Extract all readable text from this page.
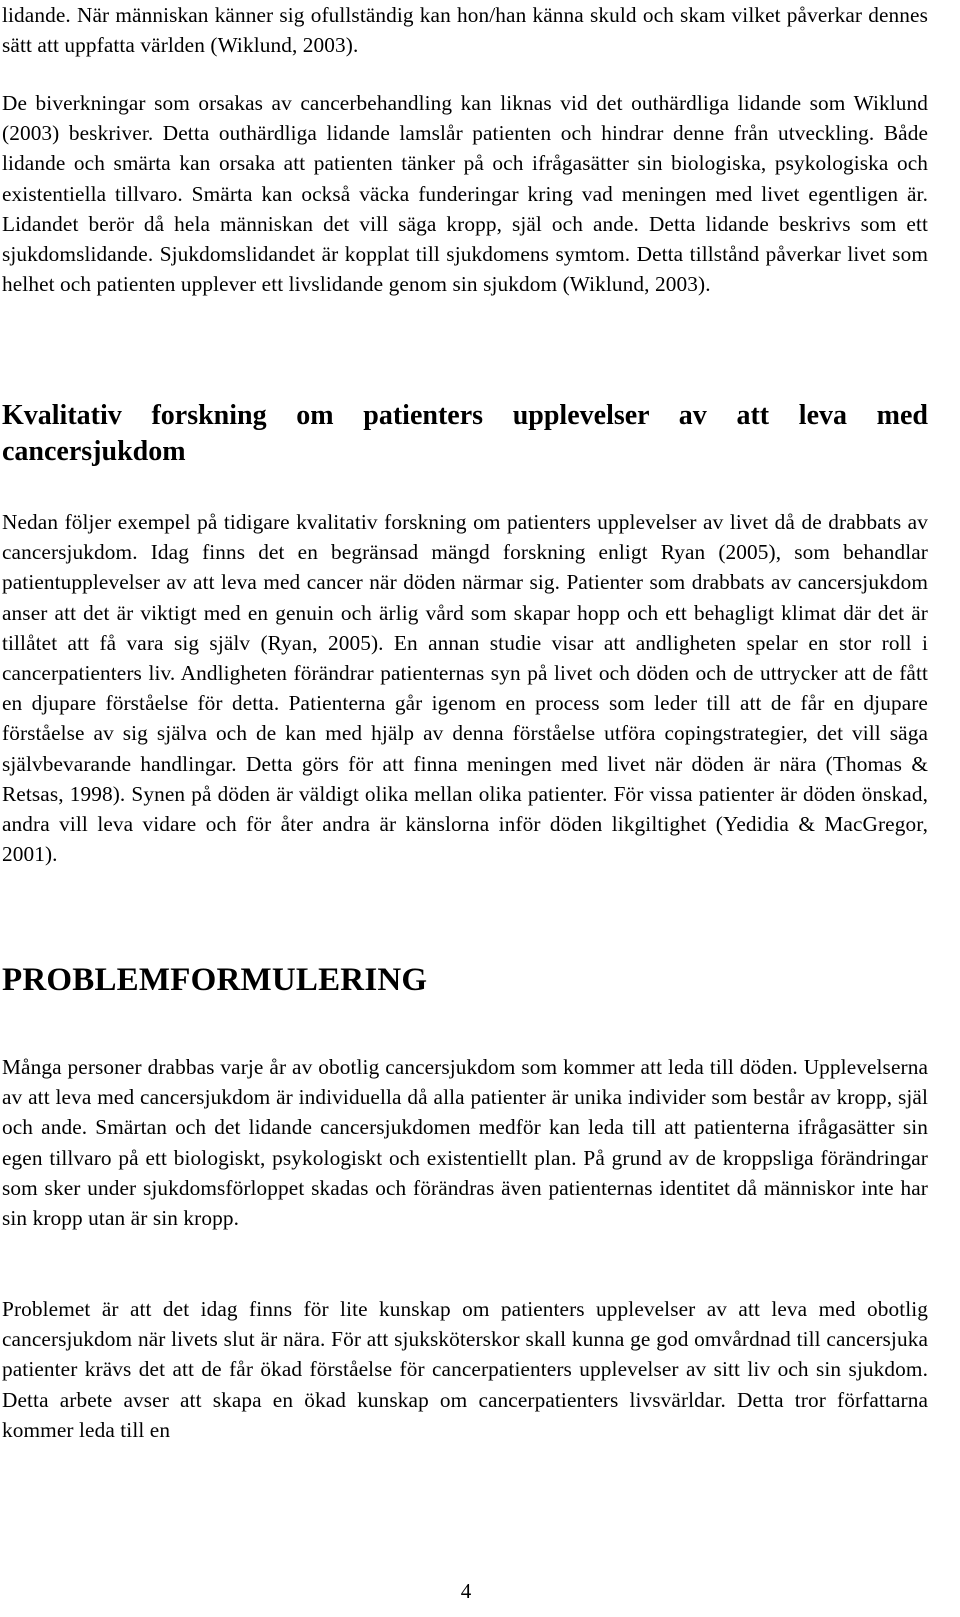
lidande. När människan känner sig ofullständig kan hon/han känna skuld och skam vilket påverkar dennes sätt att uppfatta världen (Wiklund, 2003).

De biverkningar som orsakas av cancerbehandling kan liknas vid det outhärdliga lidande som Wiklund (2003) beskriver. Detta outhärdliga lidande lamslår patienten och hindrar denne från utveckling. Både lidande och smärta kan orsaka att patienten tänker på och ifrågasätter sin biologiska, psykologiska och existentiella tillvaro. Smärta kan också väcka funderingar kring vad meningen med livet egentligen är. Lidandet berör då hela människan det vill säga kropp, själ och ande. Detta lidande beskrivs som ett sjukdomslidande. Sjukdomslidandet är kopplat till sjukdomens symtom. Detta tillstånd påverkar livet som helhet och patienten upplever ett livslidande genom sin sjukdom (Wiklund, 2003).

Kvalitativ forskning om patienters upplevelser av att leva med cancersjukdom

Nedan följer exempel på tidigare kvalitativ forskning om patienters upplevelser av livet då de drabbats av cancersjukdom. Idag finns det en begränsad mängd forskning enligt Ryan (2005), som behandlar patientupplevelser av att leva med cancer när döden närmar sig. Patienter som drabbats av cancersjukdom anser att det är viktigt med en genuin och ärlig vård som skapar hopp och ett behagligt klimat där det är tillåtet att få vara sig själv (Ryan, 2005). En annan studie visar att andligheten spelar en stor roll i cancerpatienters liv. Andligheten förändrar patienternas syn på livet och döden och de uttrycker att de fått en djupare förståelse för detta. Patienterna går igenom en process som leder till att de får en djupare förståelse av sig själva och de kan med hjälp av denna förståelse utföra copingstrategier, det vill säga självbevarande handlingar. Detta görs för att finna meningen med livet när döden är nära (Thomas & Retsas, 1998). Synen på döden är väldigt olika mellan olika patienter. För vissa patienter är döden önskad, andra vill leva vidare och för åter andra är känslorna inför döden likgiltighet (Yedidia & MacGregor, 2001).

PROBLEMFORMULERING

Många personer drabbas varje år av obotlig cancersjukdom som kommer att leda till döden. Upplevelserna av att leva med cancersjukdom är individuella då alla patienter är unika individer som består av kropp, själ och ande. Smärtan och det lidande cancersjukdomen medför kan leda till att patienterna ifrågasätter sin egen tillvaro på ett biologiskt, psykologiskt och existentiellt plan. På grund av de kroppsliga förändringar som sker under sjukdomsförloppet skadas och förändras även patienternas identitet då människor inte har sin kropp utan är sin kropp.

Problemet är att det idag finns för lite kunskap om patienters upplevelser av att leva med obotlig cancersjukdom när livets slut är nära. För att sjuksköterskor skall kunna ge god omvårdnad till cancersjuka patienter krävs det att de får ökad förståelse för cancerpatienters upplevelser av sitt liv och sin sjukdom. Detta arbete avser att skapa en ökad kunskap om cancerpatienters livsvärldar. Detta tror författarna kommer leda till en

4
